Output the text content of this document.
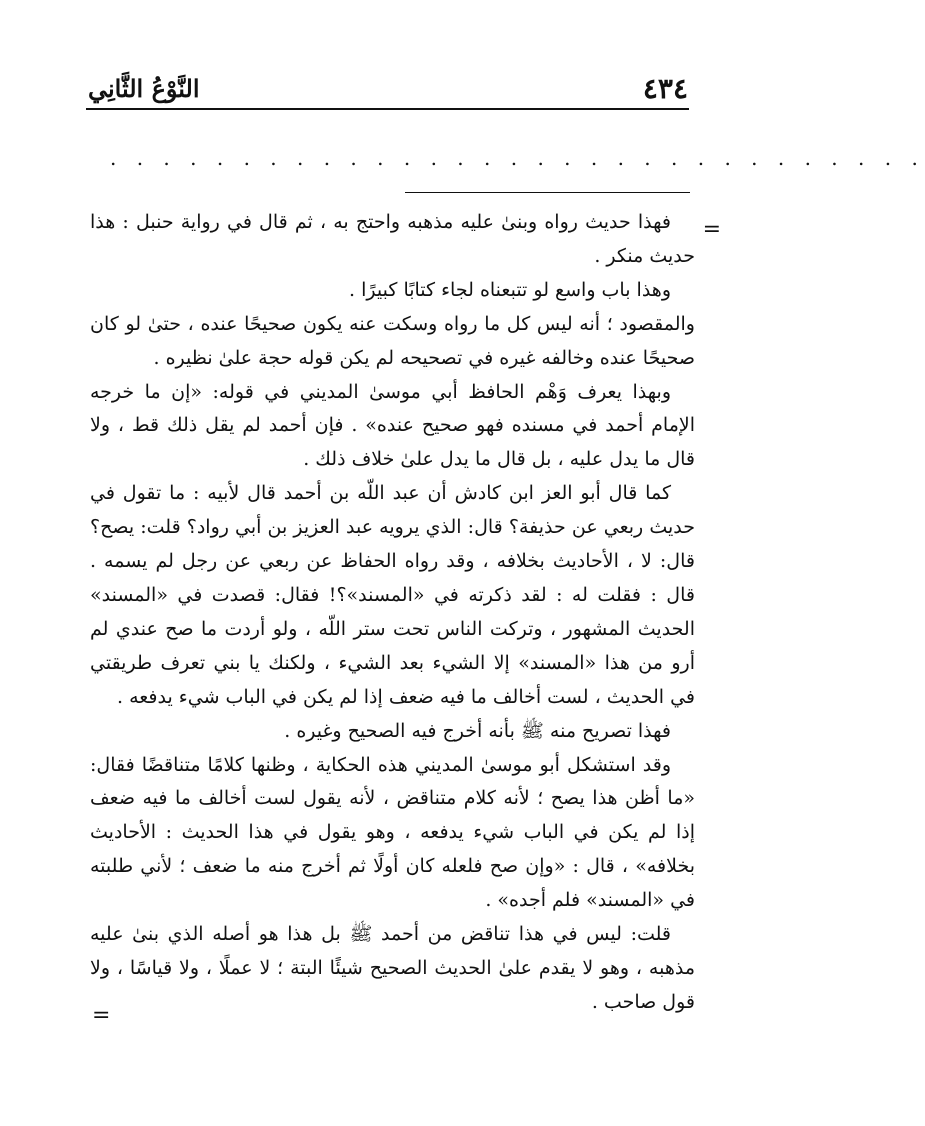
٤٣٤
النَّوْعُ الثَّانِي
. . . . . . . . . . . . . . . . . . . . . . . . . . . . . . .
=

فهذا حديث رواه وبنىٰ عليه مذهبه واحتج به ، ثم قال في رواية حنبل : هذا حديث منكر .

وهذا باب واسع لو تتبعناه لجاء كتابًا كبيرًا .

والمقصود ؛ أنه ليس كل ما رواه وسكت عنه يكون صحيحًا عنده ، حتىٰ لو كان صحيحًا عنده وخالفه غيره في تصحيحه لم يكن قوله حجة علىٰ نظيره .

وبهذا يعرف وَهْم الحافظ أبي موسىٰ المديني في قوله: «إن ما خرجه الإمام أحمد في مسنده فهو صحيح عنده» . فإن أحمد لم يقل ذلك قط ، ولا قال ما يدل عليه ، بل قال ما يدل علىٰ خلاف ذلك .

كما قال أبو العز ابن كادش أن عبد اللّه بن أحمد قال لأبيه : ما تقول في حديث ربعي عن حذيفة؟ قال: الذي يرويه عبد العزيز بن أبي رواد؟ قلت: يصح؟ قال: لا ، الأحاديث بخلافه ، وقد رواه الحفاظ عن ربعي عن رجل لم يسمه . قال : فقلت له : لقد ذكرته في «المسند»؟! فقال: قصدت في «المسند» الحديث المشهور ، وتركت الناس تحت ستر اللّه ، ولو أردت ما صح عندي لم أرو من هذا «المسند» إلا الشيء بعد الشيء ، ولكنك يا بني تعرف طريقتي في الحديث ، لست أخالف ما فيه ضعف إذا لم يكن في الباب شيء يدفعه .

فهذا تصريح منه ﷺ بأنه أخرج فيه الصحيح وغيره .

وقد استشكل أبو موسىٰ المديني هذه الحكاية ، وظنها كلامًا متناقضًا فقال: «ما أظن هذا يصح ؛ لأنه كلام متناقض ، لأنه يقول لست أخالف ما فيه ضعف إذا لم يكن في الباب شيء يدفعه ، وهو يقول في هذا الحديث : الأحاديث بخلافه» ، قال : «وإن صح فلعله كان أولًا ثم أخرج منه ما ضعف ؛ لأني طلبته في «المسند» فلم أجده» .

قلت: ليس في هذا تناقض من أحمد ﷺ بل هذا هو أصله الذي بنىٰ عليه مذهبه ، وهو لا يقدم علىٰ الحديث الصحيح شيئًا البتة ؛ لا عملًا ، ولا قياسًا ، ولا قول صاحب .

=
